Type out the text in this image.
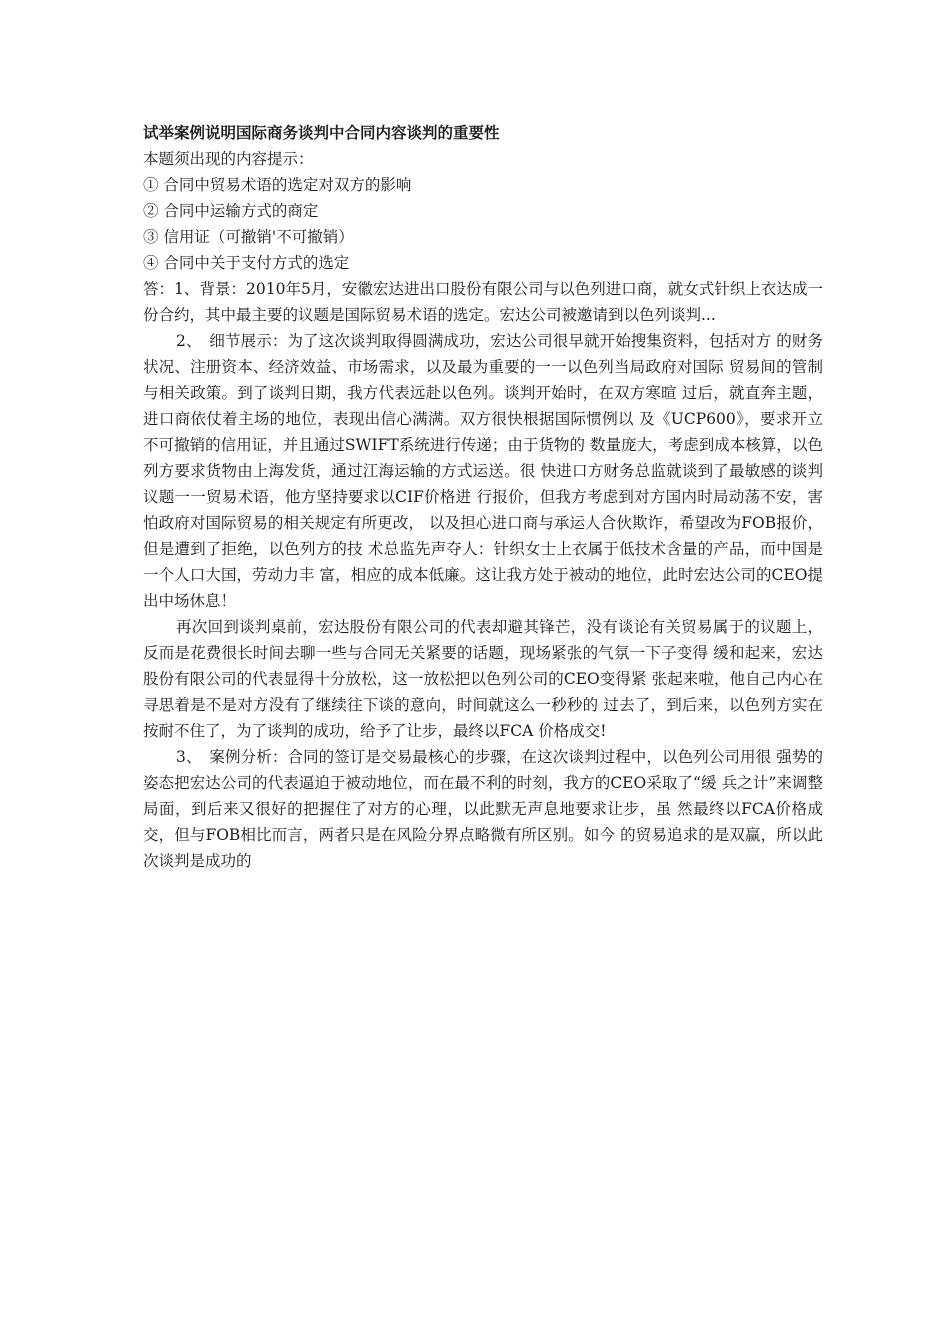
试举案例说明国际商务谈判中合同内容谈判的重要性

本题须出现的内容提示：

① 合同中贸易术语的选定对双方的影响

② 合同中运输方式的商定

③ 信用证（可撤销'不可撤销）

④ 合同中关于支付方式的选定

答：1、背景：2010年5月，安徽宏达进出口股份有限公司与以色列进口商，就女式针织上衣达成一份合约，其中最主要的议题是国际贸易术语的选定。宏达公司被邀请到以色列谈判...

2、　细节展示：为了这次谈判取得圆满成功，宏达公司很早就开始搜集资料，包括对方 的财务状况、注册资本、经济效益、市场需求，以及最为重要的一一以色列当局政府对国际 贸易间的管制与相关政策。到了谈判日期，我方代表远赴以色列。谈判开始时，在双方寒暄 过后，就直奔主题，进口商依仗着主场的地位，表现出信心满满。双方很快根据国际惯例以 及《UCP600》，要求开立不可撤销的信用证，并且通过SWIFT系统进行传递；由于货物的 数量庞大，考虑到成本核算，以色列方要求货物由上海发货，通过江海运输的方式运送。很 快进口方财务总监就谈到了最敏感的谈判议题一一贸易术语，他方坚持要求以CIF价格进 行报价，但我方考虑到对方国内时局动荡不安，害怕政府对国际贸易的相关规定有所更改， 以及担心进口商与承运人合伙欺诈，希望改为FOB报价，但是遭到了拒绝，以色列方的技 术总监先声夺人：针织女士上衣属于低技术含量的产品，而中国是一个人口大国，劳动力丰 富，相应的成本低廉。这让我方处于被动的地位，此时宏达公司的CEO提出中场休息！

再次回到谈判桌前，宏达股份有限公司的代表却避其锋芒，没有谈论有关贸易属于的议题上，反而是花费很长时间去聊一些与合同无关紧要的话题，现场紧张的气氛一下子变得 缓和起来，宏达股份有限公司的代表显得十分放松，这一放松把以色列公司的CEO变得紧 张起来啦，他自己内心在寻思着是不是对方没有了继续往下谈的意向，时间就这么一秒秒的 过去了，到后来，以色列方实在按耐不住了，为了谈判的成功，给予了让步，最终以FCA 价格成交!

3、　案例分析：合同的签订是交易最核心的步骤，在这次谈判过程中，以色列公司用很 强势的姿态把宏达公司的代表逼迫于被动地位，而在最不利的时刻，我方的CEO采取了“缓 兵之计”来调整局面，到后来又很好的把握住了对方的心理，以此默无声息地要求让步，虽 然最终以FCA价格成交，但与FOB相比而言，两者只是在风险分界点略微有所区别。如今 的贸易追求的是双赢，所以此次谈判是成功的
